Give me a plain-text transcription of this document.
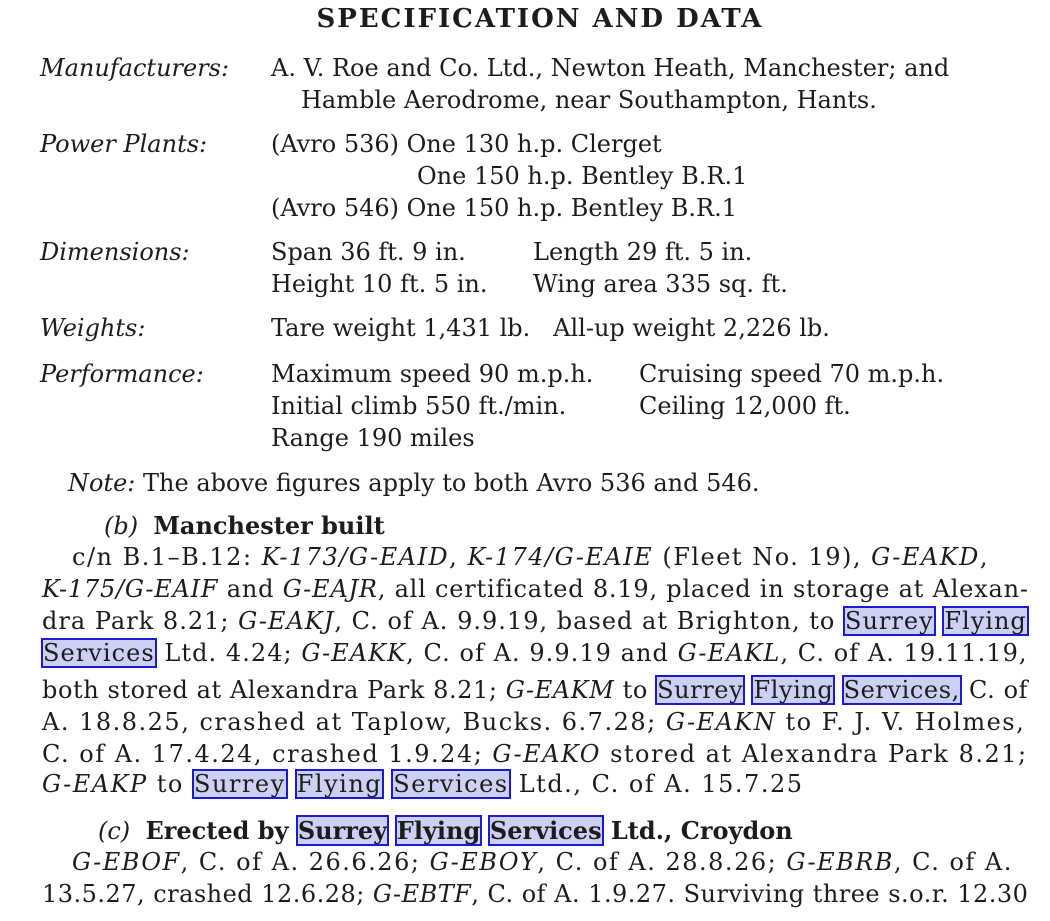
SPECIFICATION AND DATA
Manufacturers: A. V. Roe and Co. Ltd., Newton Heath, Manchester; and
Hamble Aerodrome, near Southampton, Hants.
Power Plants:	(Avro 536) One 130 h.p. Clerget
One 150 h.p. Bentley B.R.1
(Avro 546) One 150 h.p. Bentley B.R.1
Dimensions:	Span 36 ft. 9 in.	Length 29 ft. 5 in.
Height 10 ft. 5 in. Wing area 335 sq. ft.
Weights:	Tare weight 1,431 lb.   All-up weight 2,226 lb.
Performance:	Maximum speed 90 m.p.h. Cruising speed 70 m.p.h.
Initial climb 550 ft./min.	Ceiling 12,000 ft.
Range 190 miles
Note: The above figures apply to both Avro 536 and 546.
(b) Manchester built
c/n B.1–B.12: K-173/G-EAID, K-174/G-EAIE (Fleet No. 19), G-EAKD,
K-175/G-EAIF and G-EAJR, all certificated 8.19, placed in storage at Alexan-
dra Park 8.21; G-EAKJ, C. of A. 9.9.19, based at Brighton, to Surrey Flying
Services Ltd. 4.24; G-EAKK, C. of A. 9.9.19 and G-EAKL, C. of A. 19.11.19,
both stored at Alexandra Park 8.21; G-EAKM to Surrey Flying Services, C. of
A. 18.8.25, crashed at Taplow, Bucks. 6.7.28; G-EAKN to F. J. V. Holmes,
C. of A. 17.4.24, crashed 1.9.24; G-EAKO stored at Alexandra Park 8.21;
G-EAKP to Surrey Flying Services Ltd., C. of A. 15.7.25
(c) Erected by Surrey Flying Services Ltd., Croydon
G-EBOF, C. of A. 26.6.26; G-EBOY, C. of A. 28.8.26; G-EBRB, C. of A.
13.5.27, crashed 12.6.28; G-EBTF, C. of A. 1.9.27. Surviving three s.o.r. 12.30
